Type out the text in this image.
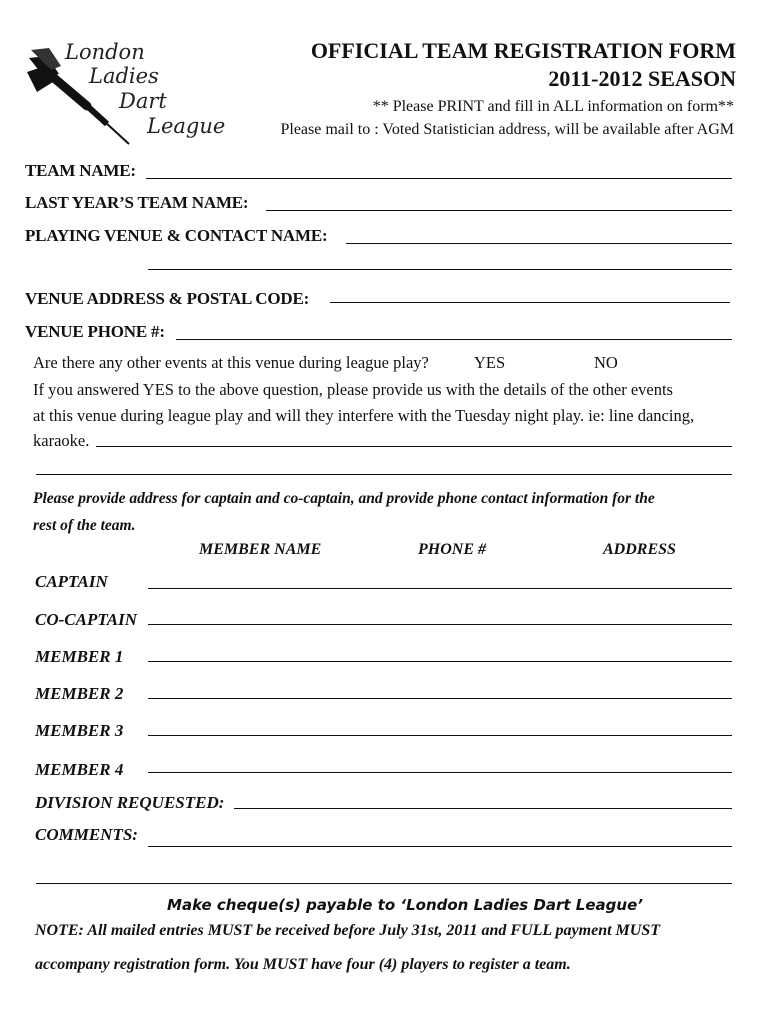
London
Ladies
Dart
League
OFFICIAL TEAM REGISTRATION FORM
2011-2012 SEASON
** Please PRINT and fill in ALL information on form**
Please mail to : Voted Statistician address, will be available after AGM
TEAM NAME:
LAST YEAR’S TEAM NAME:
PLAYING VENUE & CONTACT NAME:
VENUE ADDRESS & POSTAL CODE:
VENUE PHONE #:
Are there any other events at this venue during league play?	YES	NO
If you answered YES to the above question, please provide us with the details of the other events
at this venue during league play and will they interfere with the Tuesday night play. ie: line dancing,
karaoke.
Please provide address for captain and co-captain, and provide phone contact information for the
rest of the team.
MEMBER NAME	PHONE #	ADDRESS
CAPTAIN
CO-CAPTAIN
MEMBER 1
MEMBER 2
MEMBER 3
MEMBER 4
DIVISION REQUESTED:
COMMENTS:
Make cheque(s) payable to ‘London Ladies Dart League’
NOTE: All mailed entries MUST be received before July 31st, 2011 and FULL payment MUST
accompany registration form. You MUST have four (4) players to register a team.
